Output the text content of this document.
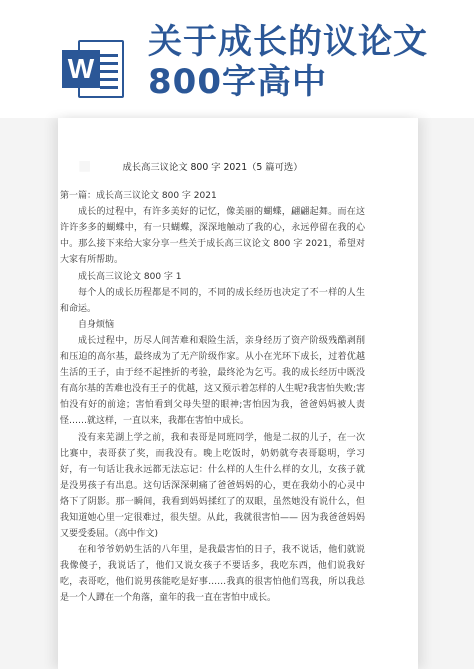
W
关于成长的议论文
800字高中
成长高三议论文 800 字 2021（5 篇可选）

第一篇：成长高三议论文 800 字 2021

成长的过程中，有许多美好的记忆，像美丽的蝴蝶，翩翩起舞。而在这许许多多的蝴蝶中，有一只蝴蝶，深深地触动了我的心，永远停留在我的心中。那么接下来给大家分享一些关于成长高三议论文 800 字 2021，希望对大家有所帮助。

成长高三议论文 800 字 1

每个人的成长历程都是不同的，不同的成长经历也决定了不一样的人生和命运。

自身烦恼

成长过程中，历尽人间苦难和艰险生活，亲身经历了资产阶级残酷剥削和压迫的高尔基，最终成为了无产阶级作家。从小在光环下成长，过着优越生活的王子，由于经不起挫折的考验，最终沦为乞丐。我的成长经历中既没有高尔基的苦难也没有王子的优越，这又预示着怎样的人生呢?我害怕失败;害怕没有好的前途；害怕看到父母失望的眼神;害怕因为我，爸爸妈妈被人责怪……就这样，一直以来，我都在害怕中成长。

没有来芜湖上学之前，我和表哥是同班同学，他是二叔的儿子，在一次比赛中，表哥获了奖，而我没有。晚上吃饭时，奶奶就夸表哥聪明，学习好，有一句话让我永远都无法忘记：什么样的人生什么样的女儿，女孩子就是没男孩子有出息。这句话深深刺痛了爸爸妈妈的心，更在我幼小的心灵中烙下了阴影。那一瞬间，我看到妈妈揉红了的双眼，虽然她没有说什么，但我知道她心里一定很难过，很失望。从此，我就很害怕—— 因为我爸爸妈妈又要受委屈。（高中作文)

在和爷爷奶奶生活的八年里，是我最害怕的日子，我不说话，他们就说我像傻子，我说话了，他们又说女孩子不要话多，我吃东西，他们说我好吃，表哥吃，他们说男孩能吃是好事……我真的很害怕他们骂我，所以我总是一个人蹲在一个角落，童年的我一直在害怕中成长。
